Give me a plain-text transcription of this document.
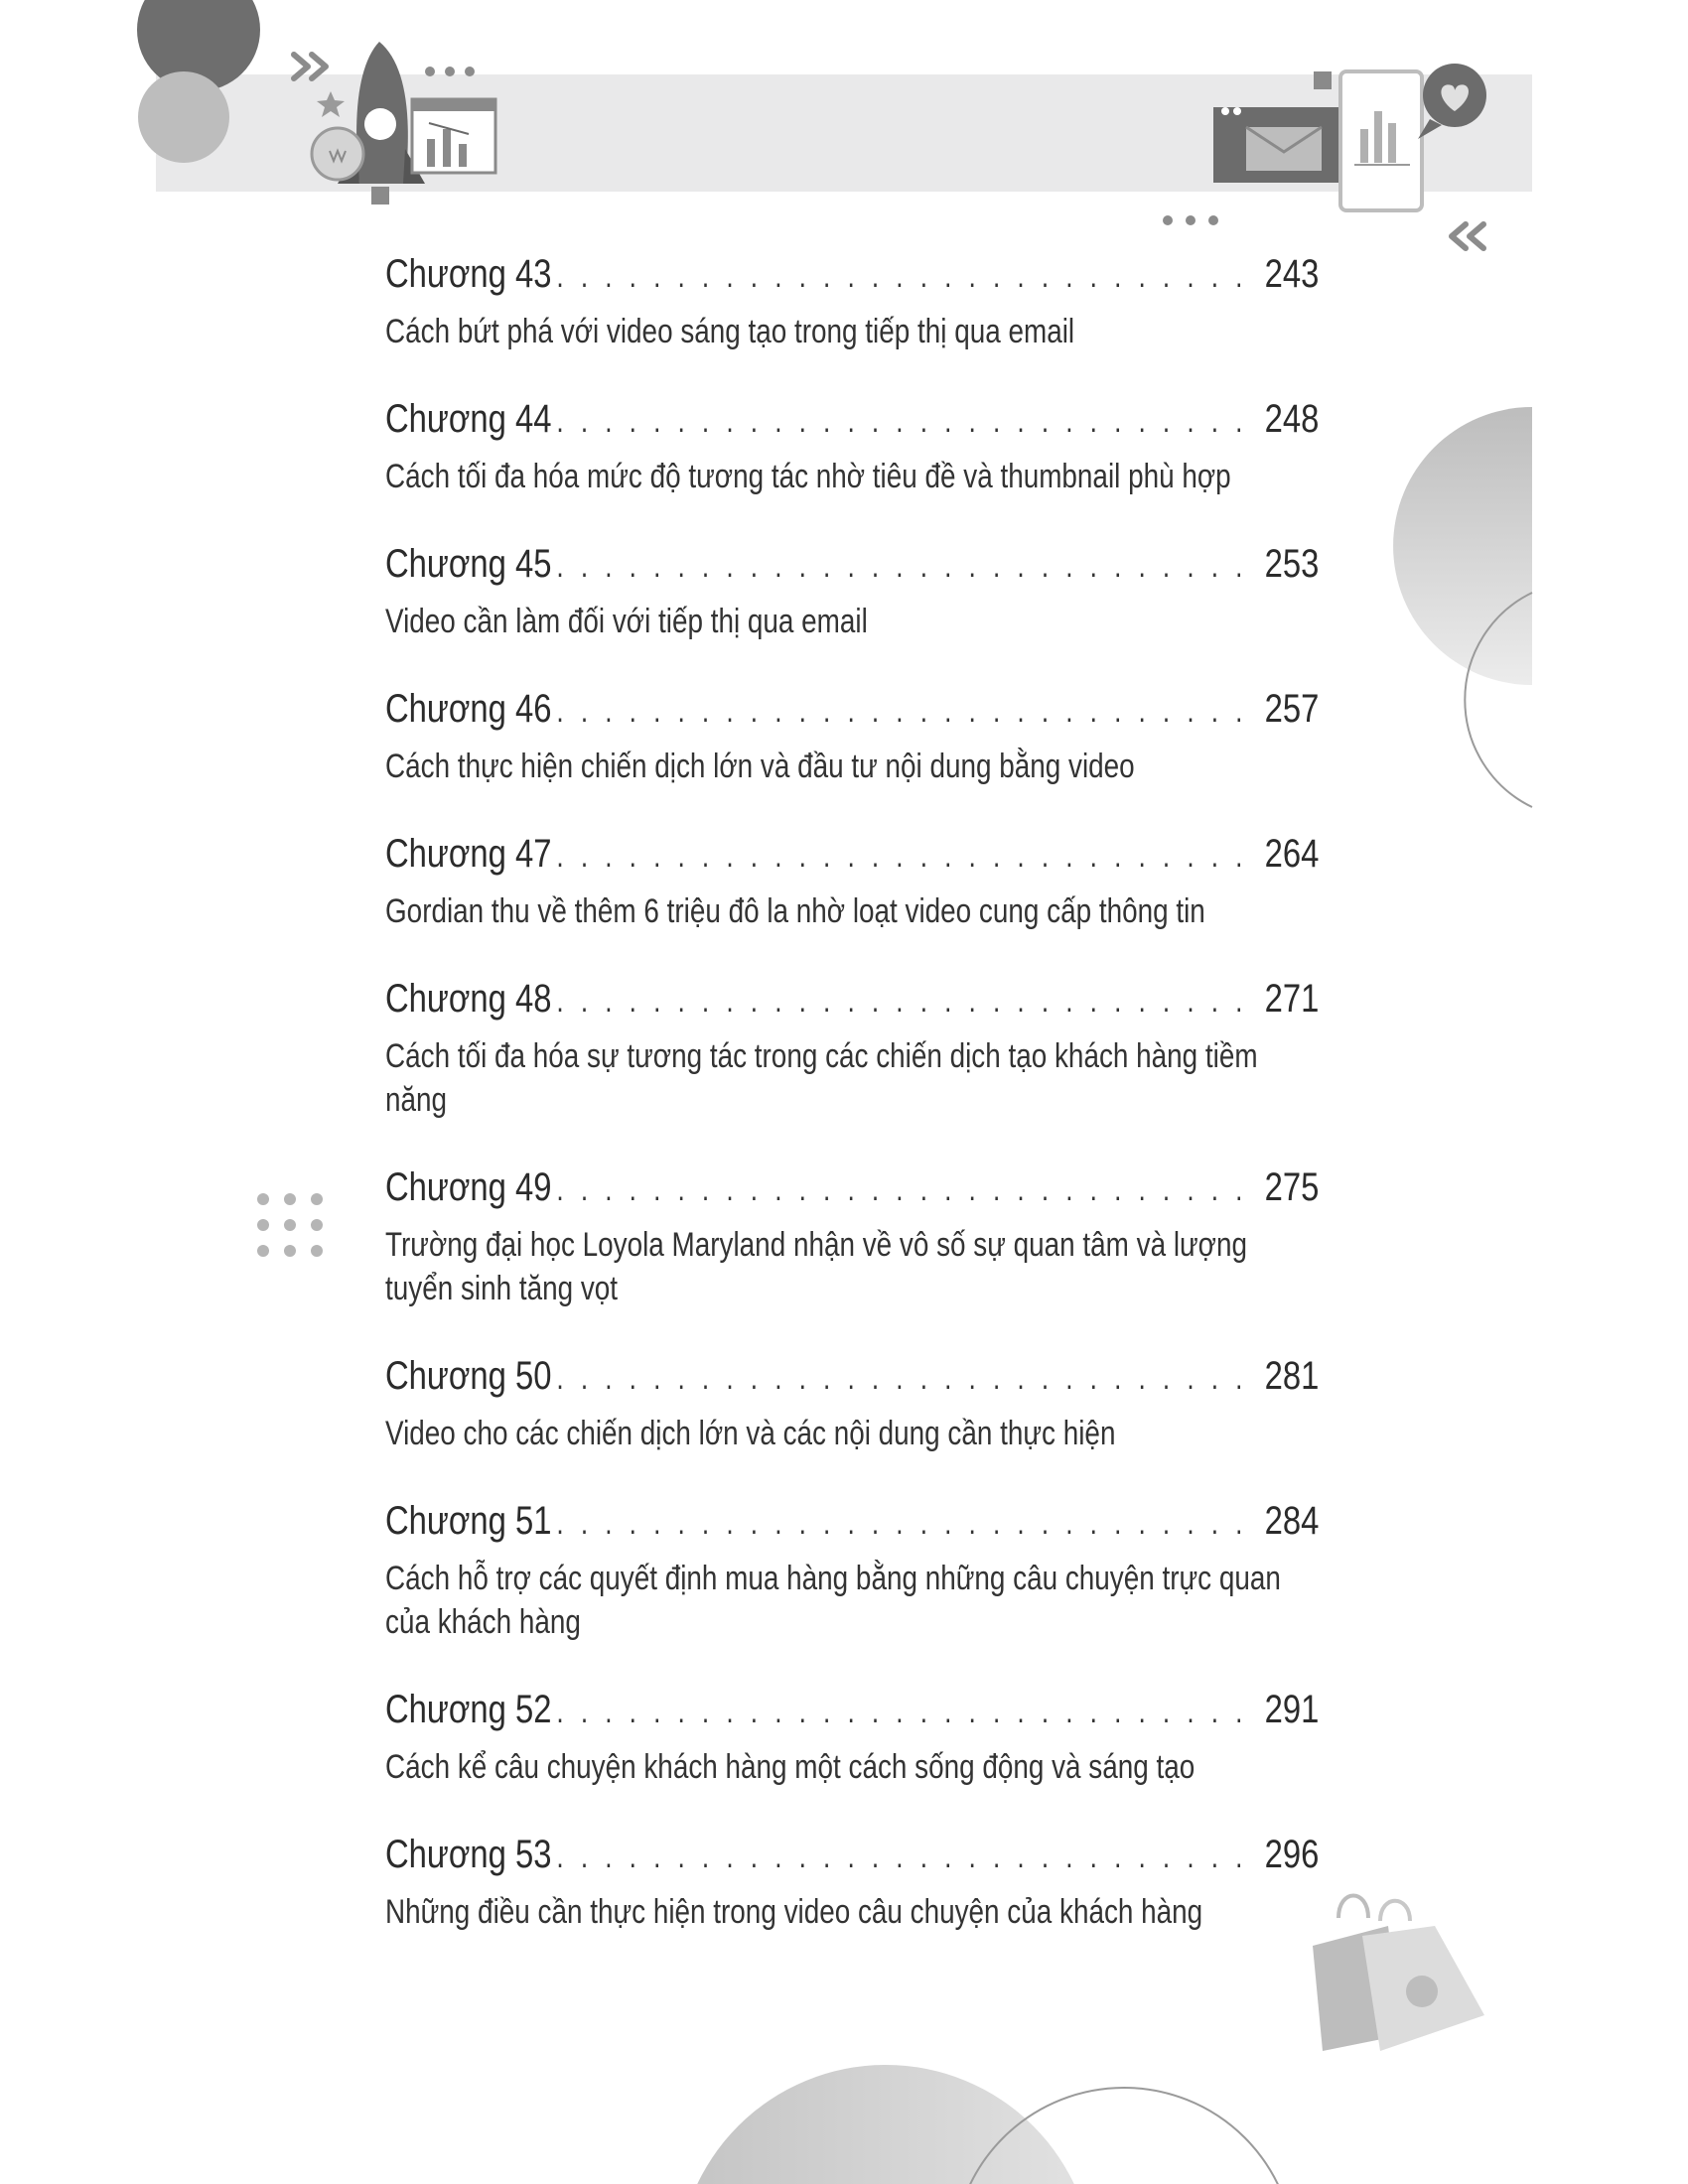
Chương 43 . . .	243
Cách bứt phá với video sáng tạo trong tiếp thị qua email
Chương 44 . . .	248
Cách tối đa hóa mức độ tương tác nhờ tiêu đề và thumbnail phù hợp
Chương 45 . . .	253
Video cần làm đối với tiếp thị qua email
Chương 46 . . .	257
Cách thực hiện chiến dịch lớn và đầu tư nội dung bằng video
Chương 47 . . .	264
Gordian thu về thêm 6 triệu đô la nhờ loạt video cung cấp thông tin
Chương 48 . . .	271
Cách tối đa hóa sự tương tác trong các chiến dịch tạo khách hàng tiềm năng
Chương 49 . . .	275
Trường đại học Loyola Maryland nhận về vô số sự quan tâm và lượng tuyển sinh tăng vọt
Chương 50 . . .	281
Video cho các chiến dịch lớn và các nội dung cần thực hiện
Chương 51 . . .	284
Cách hỗ trợ các quyết định mua hàng bằng những câu chuyện trực quan của khách hàng
Chương 52 . . .	291
Cách kể câu chuyện khách hàng một cách sống động và sáng tạo
Chương 53 . . .	296
Những điều cần thực hiện trong video câu chuyện của khách hàng
